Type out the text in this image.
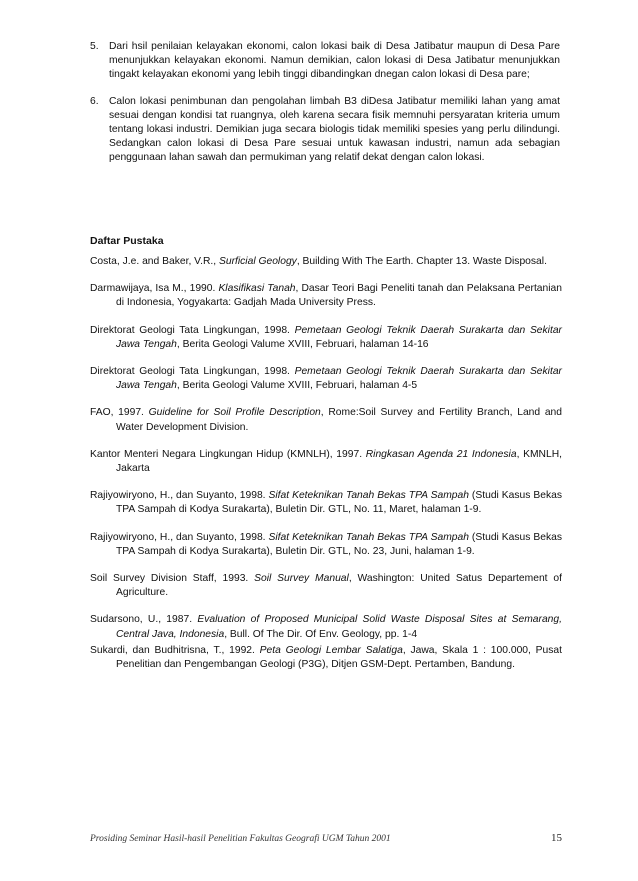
5.	Dari hsil penilaian kelayakan ekonomi, calon lokasi baik di Desa Jatibatur maupun di Desa Pare menunjukkan kelayakan ekonomi. Namun demikian, calon lokasi di Desa Jatibatur menunjukkan tingakt kelayakan ekonomi yang lebih tinggi dibandingkan dnegan calon lokasi di Desa pare;
6.	Calon lokasi penimbunan dan pengolahan limbah B3 diDesa Jatibatur memiliki lahan yang amat sesuai dengan kondisi tat ruangnya, oleh karena secara fisik memnuhi persyaratan kriteria umum tentang lokasi industri. Demikian juga secara biologis tidak memiliki spesies yang perlu dilindungi. Sedangkan calon lokasi di Desa Pare sesuai untuk kawasan industri, namun ada sebagian penggunaan lahan sawah dan permukiman yang relatif dekat dengan calon lokasi.
Daftar Pustaka
Costa, J.e. and Baker, V.R., Surficial Geology, Building With The Earth. Chapter 13. Waste Disposal.
Darmawijaya, Isa M., 1990. Klasifikasi Tanah, Dasar Teori Bagi Peneliti tanah dan Pelaksana Pertanian di Indonesia, Yogyakarta: Gadjah Mada University Press.
Direktorat Geologi Tata Lingkungan, 1998. Pemetaan Geologi Teknik Daerah Surakarta dan Sekitar Jawa Tengah, Berita Geologi Valume XVIII, Februari, halaman 14-16
Direktorat Geologi Tata Lingkungan, 1998. Pemetaan Geologi Teknik Daerah Surakarta dan Sekitar Jawa Tengah, Berita Geologi Valume XVIII, Februari, halaman 4-5
FAO, 1997. Guideline for Soil Profile Description, Rome:Soil Survey and Fertility Branch, Land and Water Development Division.
Kantor Menteri Negara Lingkungan Hidup (KMNLH), 1997. Ringkasan Agenda 21 Indonesia, KMNLH, Jakarta
Rajiyowiryono, H., dan Suyanto, 1998. Sifat Keteknikan Tanah Bekas TPA Sampah (Studi Kasus Bekas TPA Sampah di Kodya Surakarta), Buletin Dir. GTL, No. 11, Maret, halaman 1-9.
Rajiyowiryono, H., dan Suyanto, 1998. Sifat Keteknikan Tanah Bekas TPA Sampah (Studi Kasus Bekas TPA Sampah di Kodya Surakarta), Buletin Dir. GTL, No. 23, Juni, halaman 1-9.
Soil Survey Division Staff, 1993. Soil Survey Manual, Washington: United Satus Departement of Agriculture.
Sudarsono, U., 1987. Evaluation of Proposed Municipal Solid Waste Disposal Sites at Semarang, Central Java, Indonesia, Bull. Of The Dir. Of Env. Geology, pp. 1-4
Sukardi, dan Budhitrisna, T., 1992. Peta Geologi Lembar Salatiga, Jawa, Skala 1 : 100.000, Pusat Penelitian dan Pengembangan Geologi (P3G), Ditjen GSM-Dept. Pertamben, Bandung.
Prosiding Seminar Hasil-hasil Penelitian Fakultas Geografi UGM Tahun 2001	15
